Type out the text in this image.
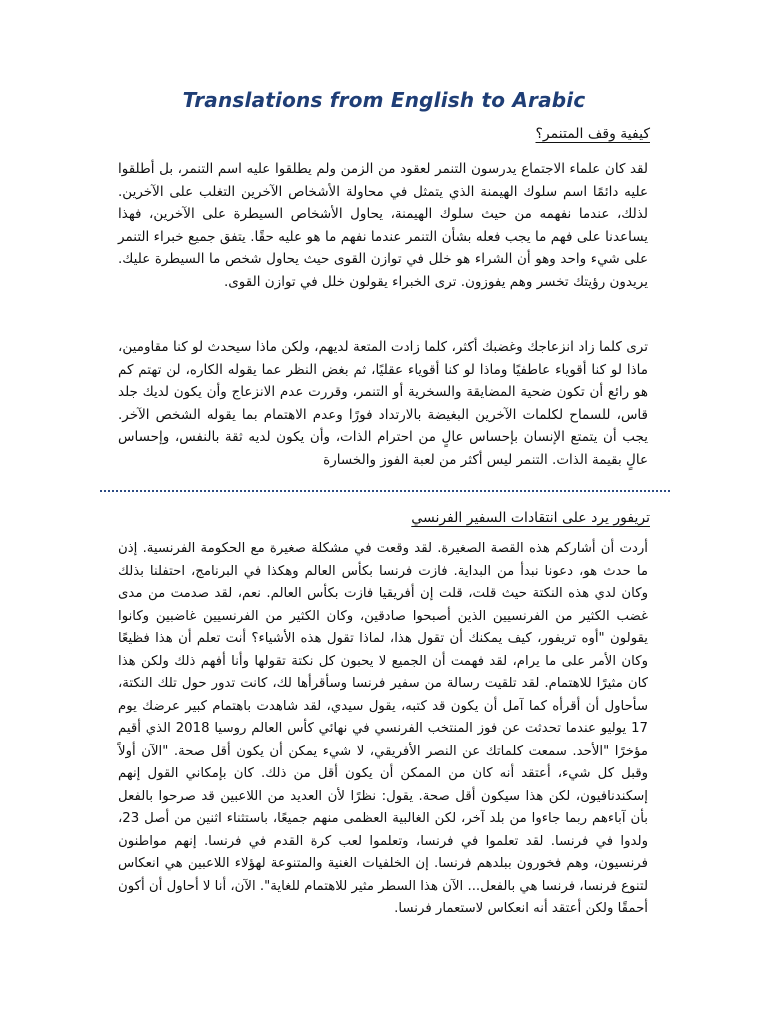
Translations from English to Arabic

كيفية وقف المتنمر؟

لقد كان علماء الاجتماع يدرسون التنمر لعقود من الزمن ولم يطلقوا عليه اسم التنمر، بل أطلقوا عليه دائمًا اسم سلوك الهيمنة الذي يتمثل في محاولة الأشخاص الآخرين التغلب على الآخرين. لذلك، عندما نفهمه من حيث سلوك الهيمنة، يحاول الأشخاص السيطرة على الآخرين، فهذا يساعدنا على فهم ما يجب فعله بشأن التنمر عندما نفهم ما هو عليه حقًا. يتفق جميع خبراء التنمر على شيء واحد وهو أن الشراء هو خلل في توازن القوى حيث يحاول شخص ما السيطرة عليك. يريدون رؤيتك تخسر وهم يفوزون. ترى الخبراء يقولون خلل في توازن القوى.

ترى كلما زاد انزعاجك وغضبك أكثر، كلما زادت المتعة لديهم، ولكن ماذا سيحدث لو كنا مقاومين، ماذا لو كنا أقوياء عاطفيًا وماذا لو كنا أقوياء عقليًا، ثم بغض النظر عما يقوله الكاره، لن تهتم كم هو رائع أن تكون ضحية المضايقة والسخرية أو التنمر، وقررت عدم الانزعاج وأن يكون لديك جلد قاس، للسماح لكلمات الآخرين البغيضة بالارتداد فورًا وعدم الاهتمام بما يقوله الشخص الآخر. يجب أن يتمتع الإنسان بإحساس عالٍ من احترام الذات، وأن يكون لديه ثقة بالنفس، وإحساس عالٍ بقيمة الذات. التنمر ليس أكثر من لعبة الفوز والخسارة

تريفور يرد على انتقادات السفير الفرنسي

أردت أن أشاركم هذه القصة الصغيرة. لقد وقعت في مشكلة صغيرة مع الحكومة الفرنسية. إذن ما حدث هو، دعونا نبدأ من البداية. فازت فرنسا بكأس العالم وهكذا في البرنامج، احتفلنا بذلك وكان لدي هذه النكتة حيث قلت، قلت إن أفريقيا فازت بكأس العالم. نعم، لقد صدمت من مدى غضب الكثير من الفرنسيين الذين أصبحوا صادقين، وكان الكثير من الفرنسيين غاضبين وكانوا يقولون "أوه تريفور، كيف يمكنك أن تقول هذا، لماذا تقول هذه الأشياء؟ أنت تعلم أن هذا فظيعًا وكان الأمر على ما يرام، لقد فهمت أن الجميع لا يحبون كل نكتة تقولها وأنا أفهم ذلك ولكن هذا كان مثيرًا للاهتمام. لقد تلقيت رسالة من سفير فرنسا وسأقرأها لك، كانت تدور حول تلك النكتة، سأحاول أن أقرأه كما آمل أن يكون قد كتبه، يقول سيدي، لقد شاهدت باهتمام كبير عرضك يوم 17 يوليو عندما تحدثت عن فوز المنتخب الفرنسي في نهائي كأس العالم روسيا 2018 الذي أقيم مؤخرًا "الأحد. سمعت كلماتك عن النصر الأفريقي، لا شيء يمكن أن يكون أقل صحة. "الآن أولاً وقبل كل شيء، أعتقد أنه كان من الممكن أن يكون أقل من ذلك. كان بإمكاني القول إنهم إسكندنافيون، لكن هذا سيكون أقل صحة. يقول: نظرًا لأن العديد من اللاعبين قد صرحوا بالفعل بأن آباءهم ربما جاءوا من بلد آخر، لكن الغالبية العظمى منهم جميعًا، باستثناء اثنين من أصل 23، ولدوا في فرنسا. لقد تعلموا في فرنسا، وتعلموا لعب كرة القدم في فرنسا. إنهم مواطنون فرنسيون، وهم فخورون ببلدهم فرنسا. إن الخلفيات الغنية والمتنوعة لهؤلاء اللاعبين هي انعكاس لتنوع فرنسا، فرنسا هي بالفعل... الآن هذا السطر مثير للاهتمام للغاية". الآن، أنا لا أحاول أن أكون أحمقًا ولكن أعتقد أنه انعكاس لاستعمار فرنسا.
